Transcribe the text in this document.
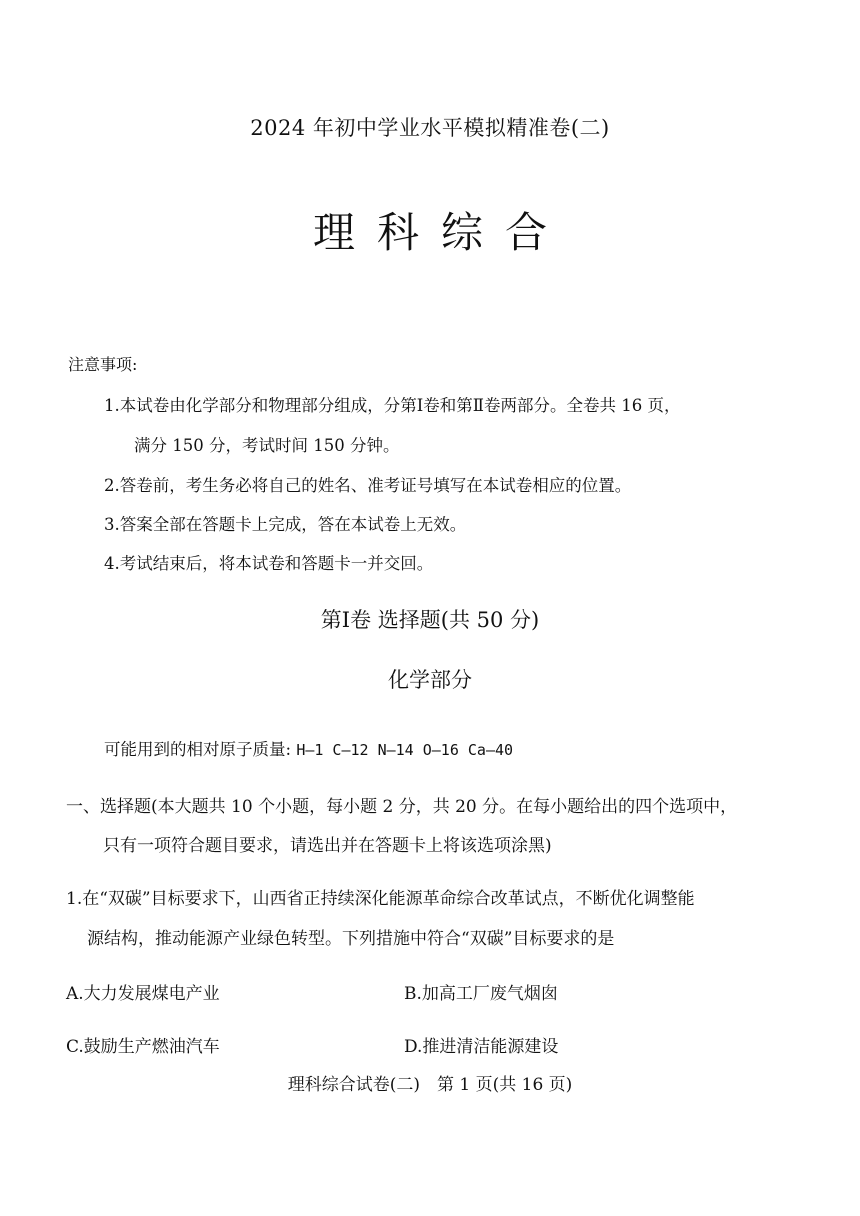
2024 年初中学业水平模拟精准卷(二)
理科综合
注意事项:
1.本试卷由化学部分和物理部分组成，分第Ⅰ卷和第Ⅱ卷两部分。全卷共 16 页，
满分 150 分，考试时间 150 分钟。
2.答卷前，考生务必将自己的姓名、准考证号填写在本试卷相应的位置。
3.答案全部在答题卡上完成，答在本试卷上无效。
4.考试结束后，将本试卷和答题卡一并交回。
第Ⅰ卷 选择题(共 50 分)
化学部分
可能用到的相对原子质量: H—1 C—12 N—14 O—16 Ca—40
一、选择题(本大题共 10 个小题，每小题 2 分，共 20 分。在每小题给出的四个选项中，
只有一项符合题目要求，请选出并在答题卡上将该选项涂黑)
1.在“双碳”目标要求下，山西省正持续深化能源革命综合改革试点，不断优化调整能
源结构，推动能源产业绿色转型。下列措施中符合“双碳”目标要求的是
A.大力发展煤电产业	B.加高工厂废气烟囱
C.鼓励生产燃油汽车	D.推进清洁能源建设
理科综合试卷(二)　第 1 页(共 16 页)
